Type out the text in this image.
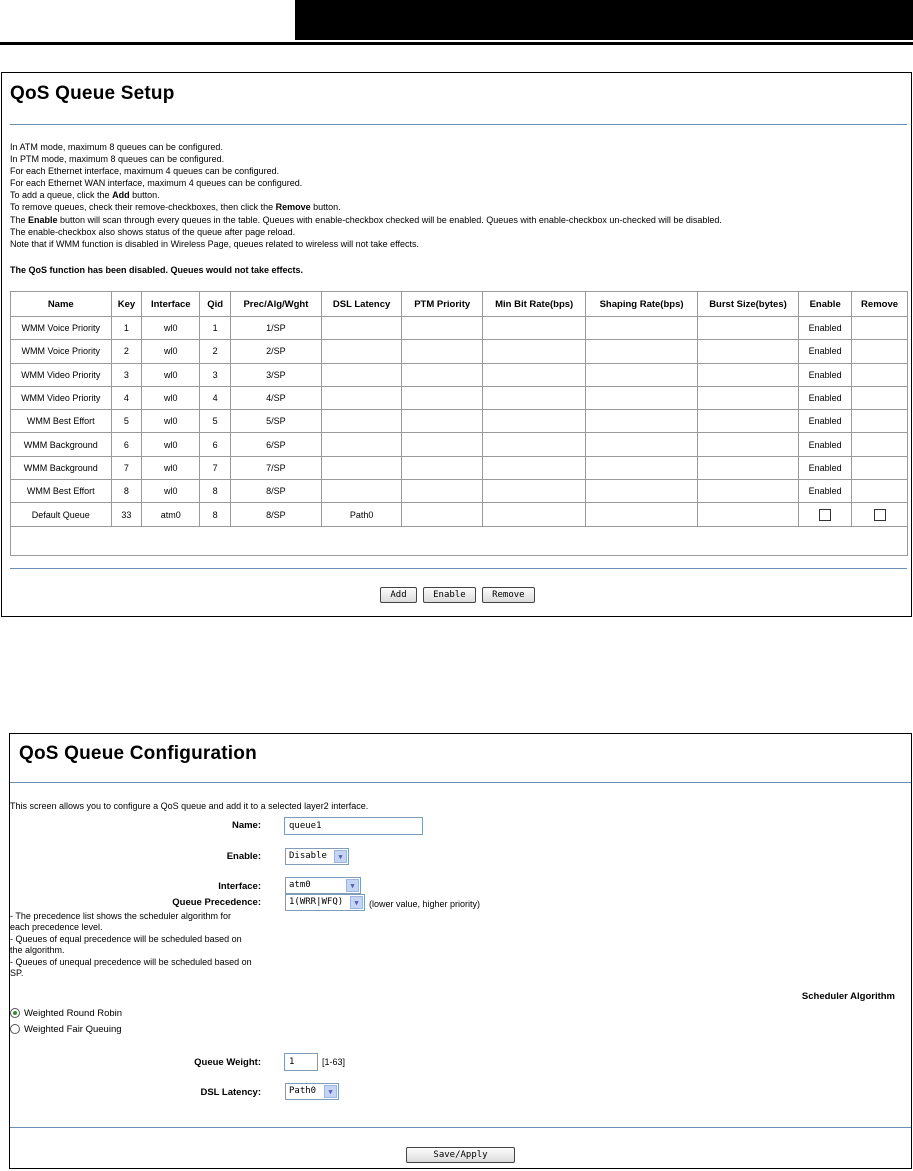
QoS Queue Setup
In ATM mode, maximum 8 queues can be configured.
In PTM mode, maximum 8 queues can be configured.
For each Ethernet interface, maximum 4 queues can be configured.
For each Ethernet WAN interface, maximum 4 queues can be configured.
To add a queue, click the Add button.
To remove queues, check their remove-checkboxes, then click the Remove button.
The Enable button will scan through every queues in the table. Queues with enable-checkbox checked will be enabled. Queues with enable-checkbox un-checked will be disabled.
The enable-checkbox also shows status of the queue after page reload.
Note that if WMM function is disabled in Wireless Page, queues related to wireless will not take effects.
The QoS function has been disabled. Queues would not take effects.
Name	Key	Interface	Qid	Prec/Alg/Wght	DSL Latency	PTM Priority	Min Bit Rate(bps)	Shaping Rate(bps)	Burst Size(bytes)	Enable	Remove
WMM Voice Priority	1	wl0	1	1/SP						Enabled	
WMM Voice Priority	2	wl0	2	2/SP						Enabled	
WMM Video Priority	3	wl0	3	3/SP						Enabled	
WMM Video Priority	4	wl0	4	4/SP						Enabled	
WMM Best Effort	5	wl0	5	5/SP						Enabled	
WMM Background	6	wl0	6	6/SP						Enabled	
WMM Background	7	wl0	7	7/SP						Enabled	
WMM Best Effort	8	wl0	8	8/SP						Enabled	
Default Queue	33	atm0	8	8/SP	Path0						

Add	Enable	Remove
QoS Queue Configuration
This screen allows you to configure a QoS queue and add it to a selected layer2 interface.
Name:	queue1
Enable:	Disable	▼
Interface:	atm0	▼
Queue Precedence:	1(WRR|WFQ)	▼	(lower value, higher priority)
- The precedence list shows the scheduler algorithm for
each precedence level.
- Queues of equal precedence will be scheduled based on
the algorithm.
- Queues of unequal precedence will be scheduled based on
SP.
Scheduler Algorithm
Weighted Round Robin
Weighted Fair Queuing
Queue Weight:	1	[1-63]
DSL Latency:	Path0	▼
Save/Apply
